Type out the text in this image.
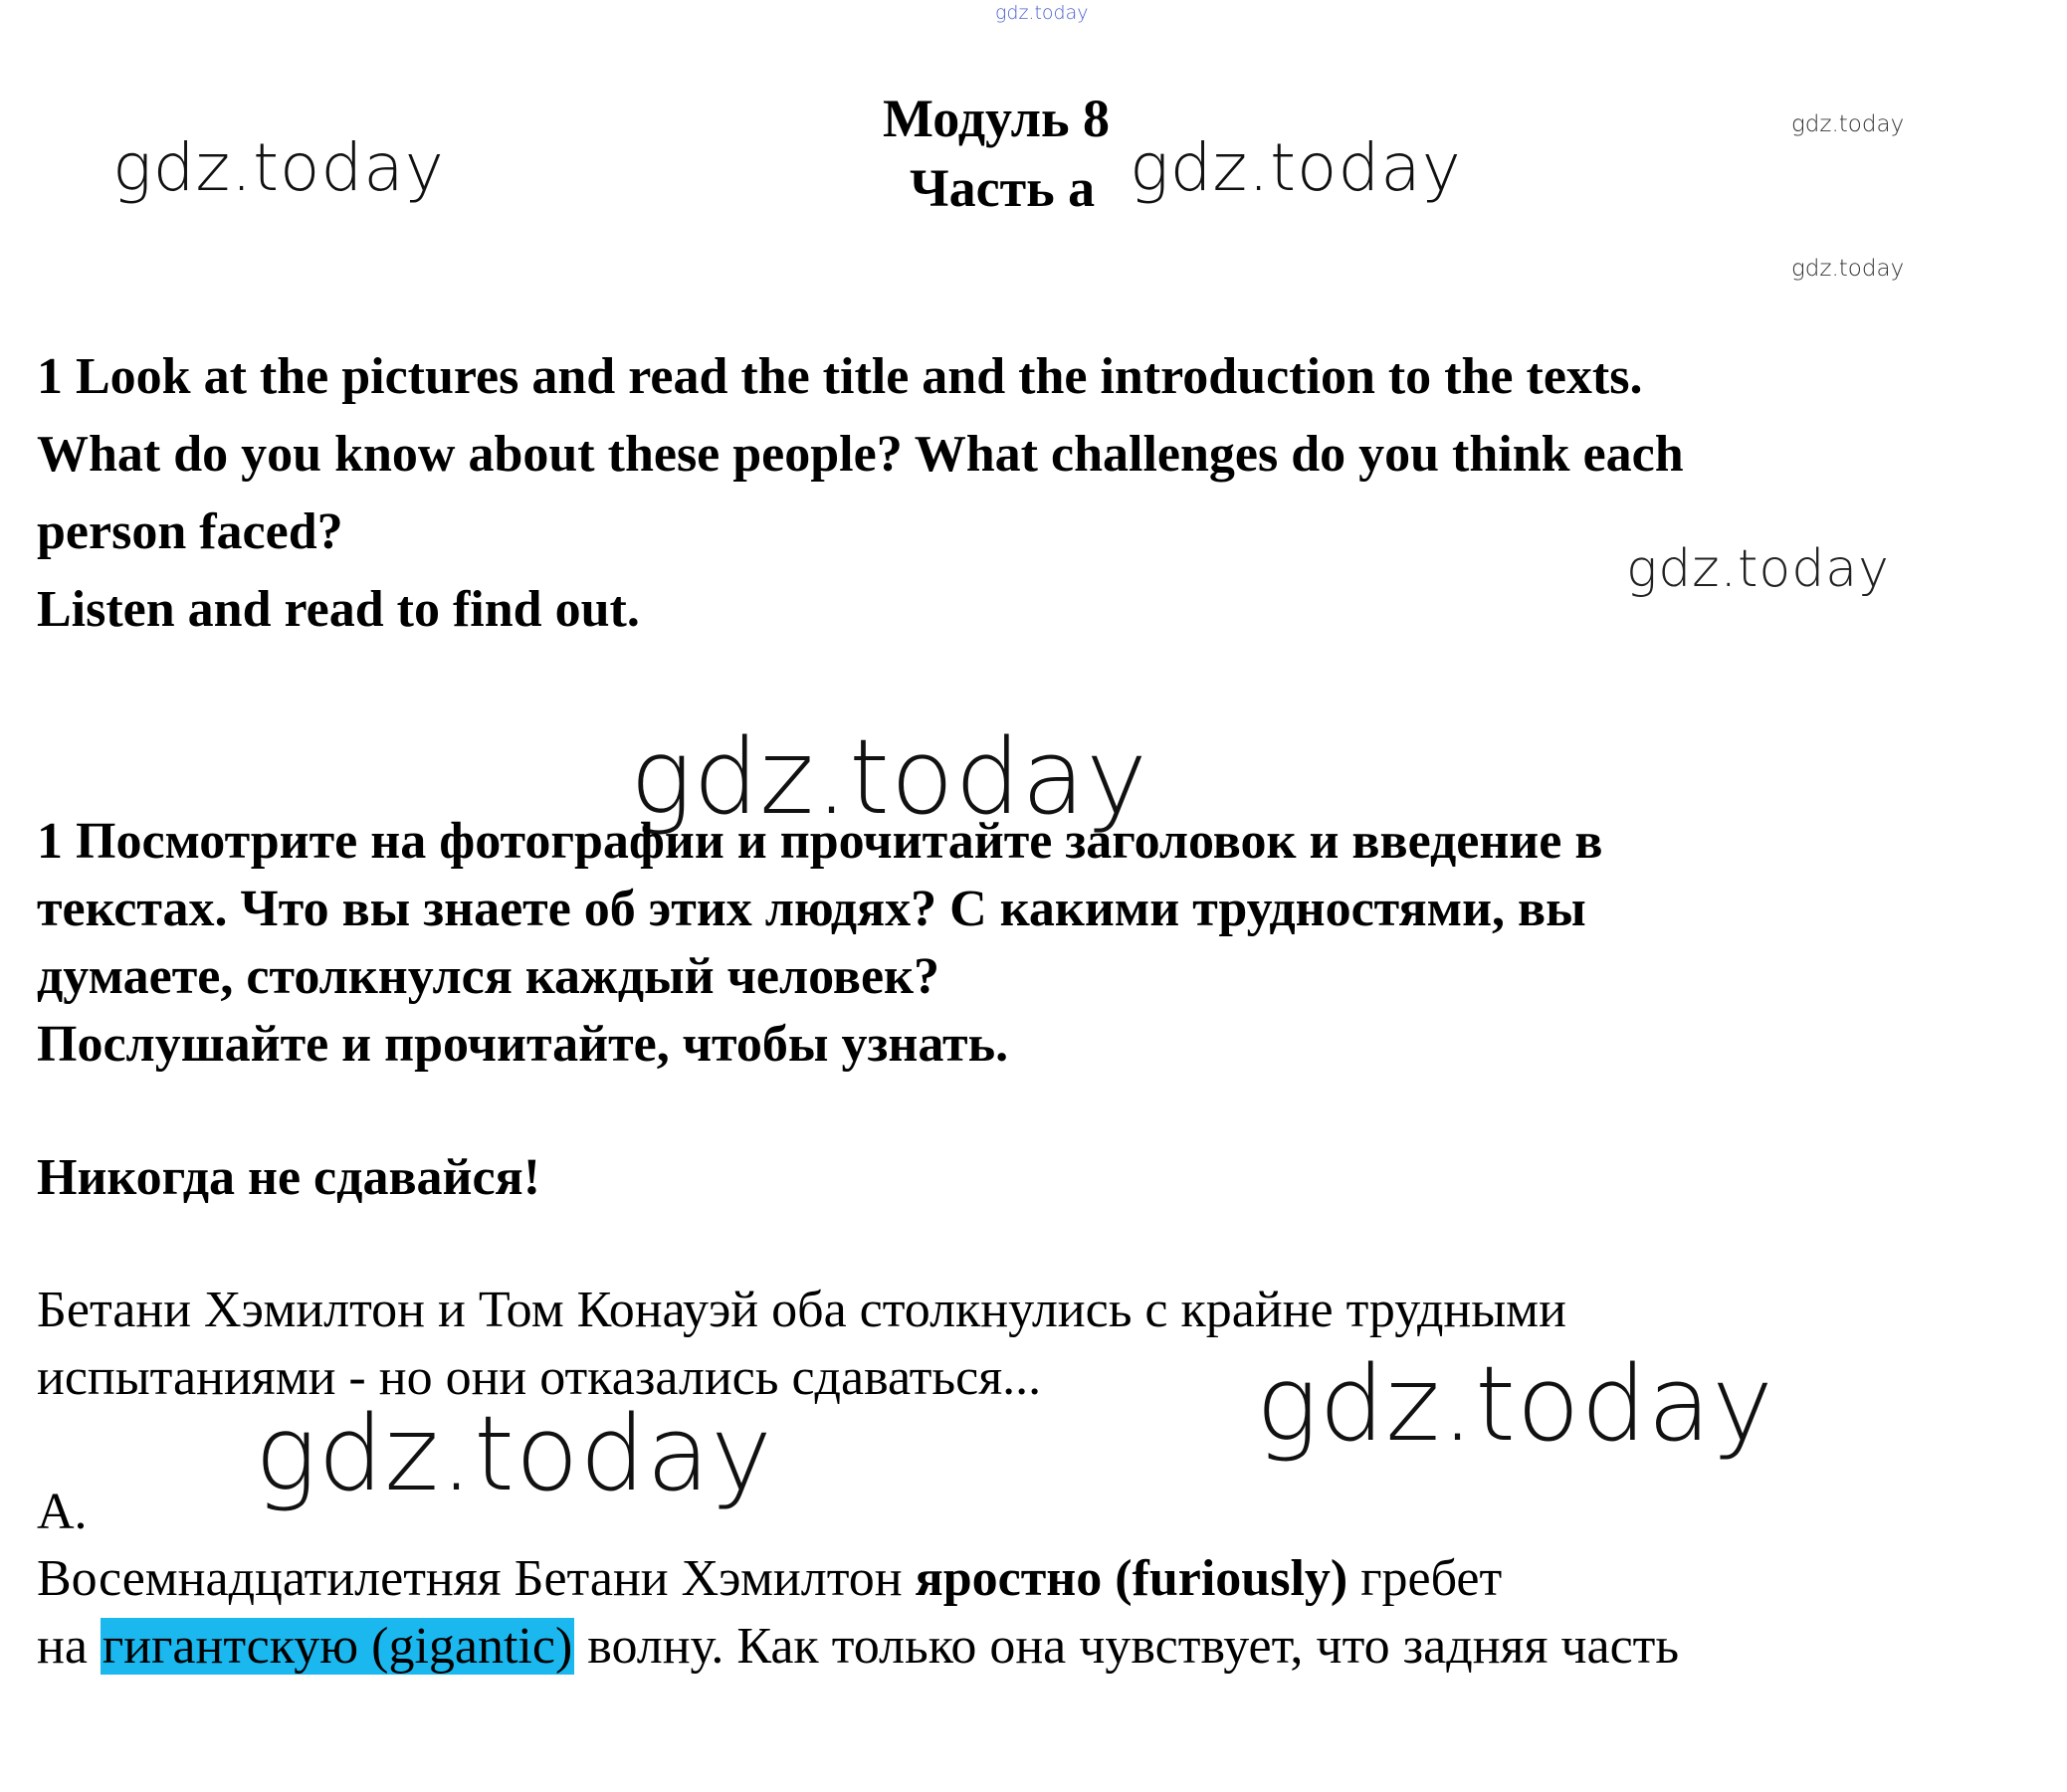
gdz.today
gdz.today	gdz.today
gdz.today
gdz.today
gdz.today
gdz.today
gdz.today
gdz.today
Модуль 8
Часть a
1 Look at the pictures and read the title and the introduction to the texts.
What do you know about these people? What challenges do you think each
person faced?
Listen and read to find out.
1 Посмотрите на фотографии и прочитайте заголовок и введение в
текстах. Что вы знаете об этих людях? С какими трудностями, вы
думаете, столкнулся каждый человек?
Послушайте и прочитайте, чтобы узнать.
Никогда не сдавайся!
Бетани Хэмилтон и Том Конауэй оба столкнулись с крайне трудными
испытаниями - но они отказались сдаваться...
A.
Восемнадцатилетняя Бетани Хэмилтон яростно (furiously) гребет
на гигантскую (gigantic) волну. Как только она чувствует, что задняя часть
